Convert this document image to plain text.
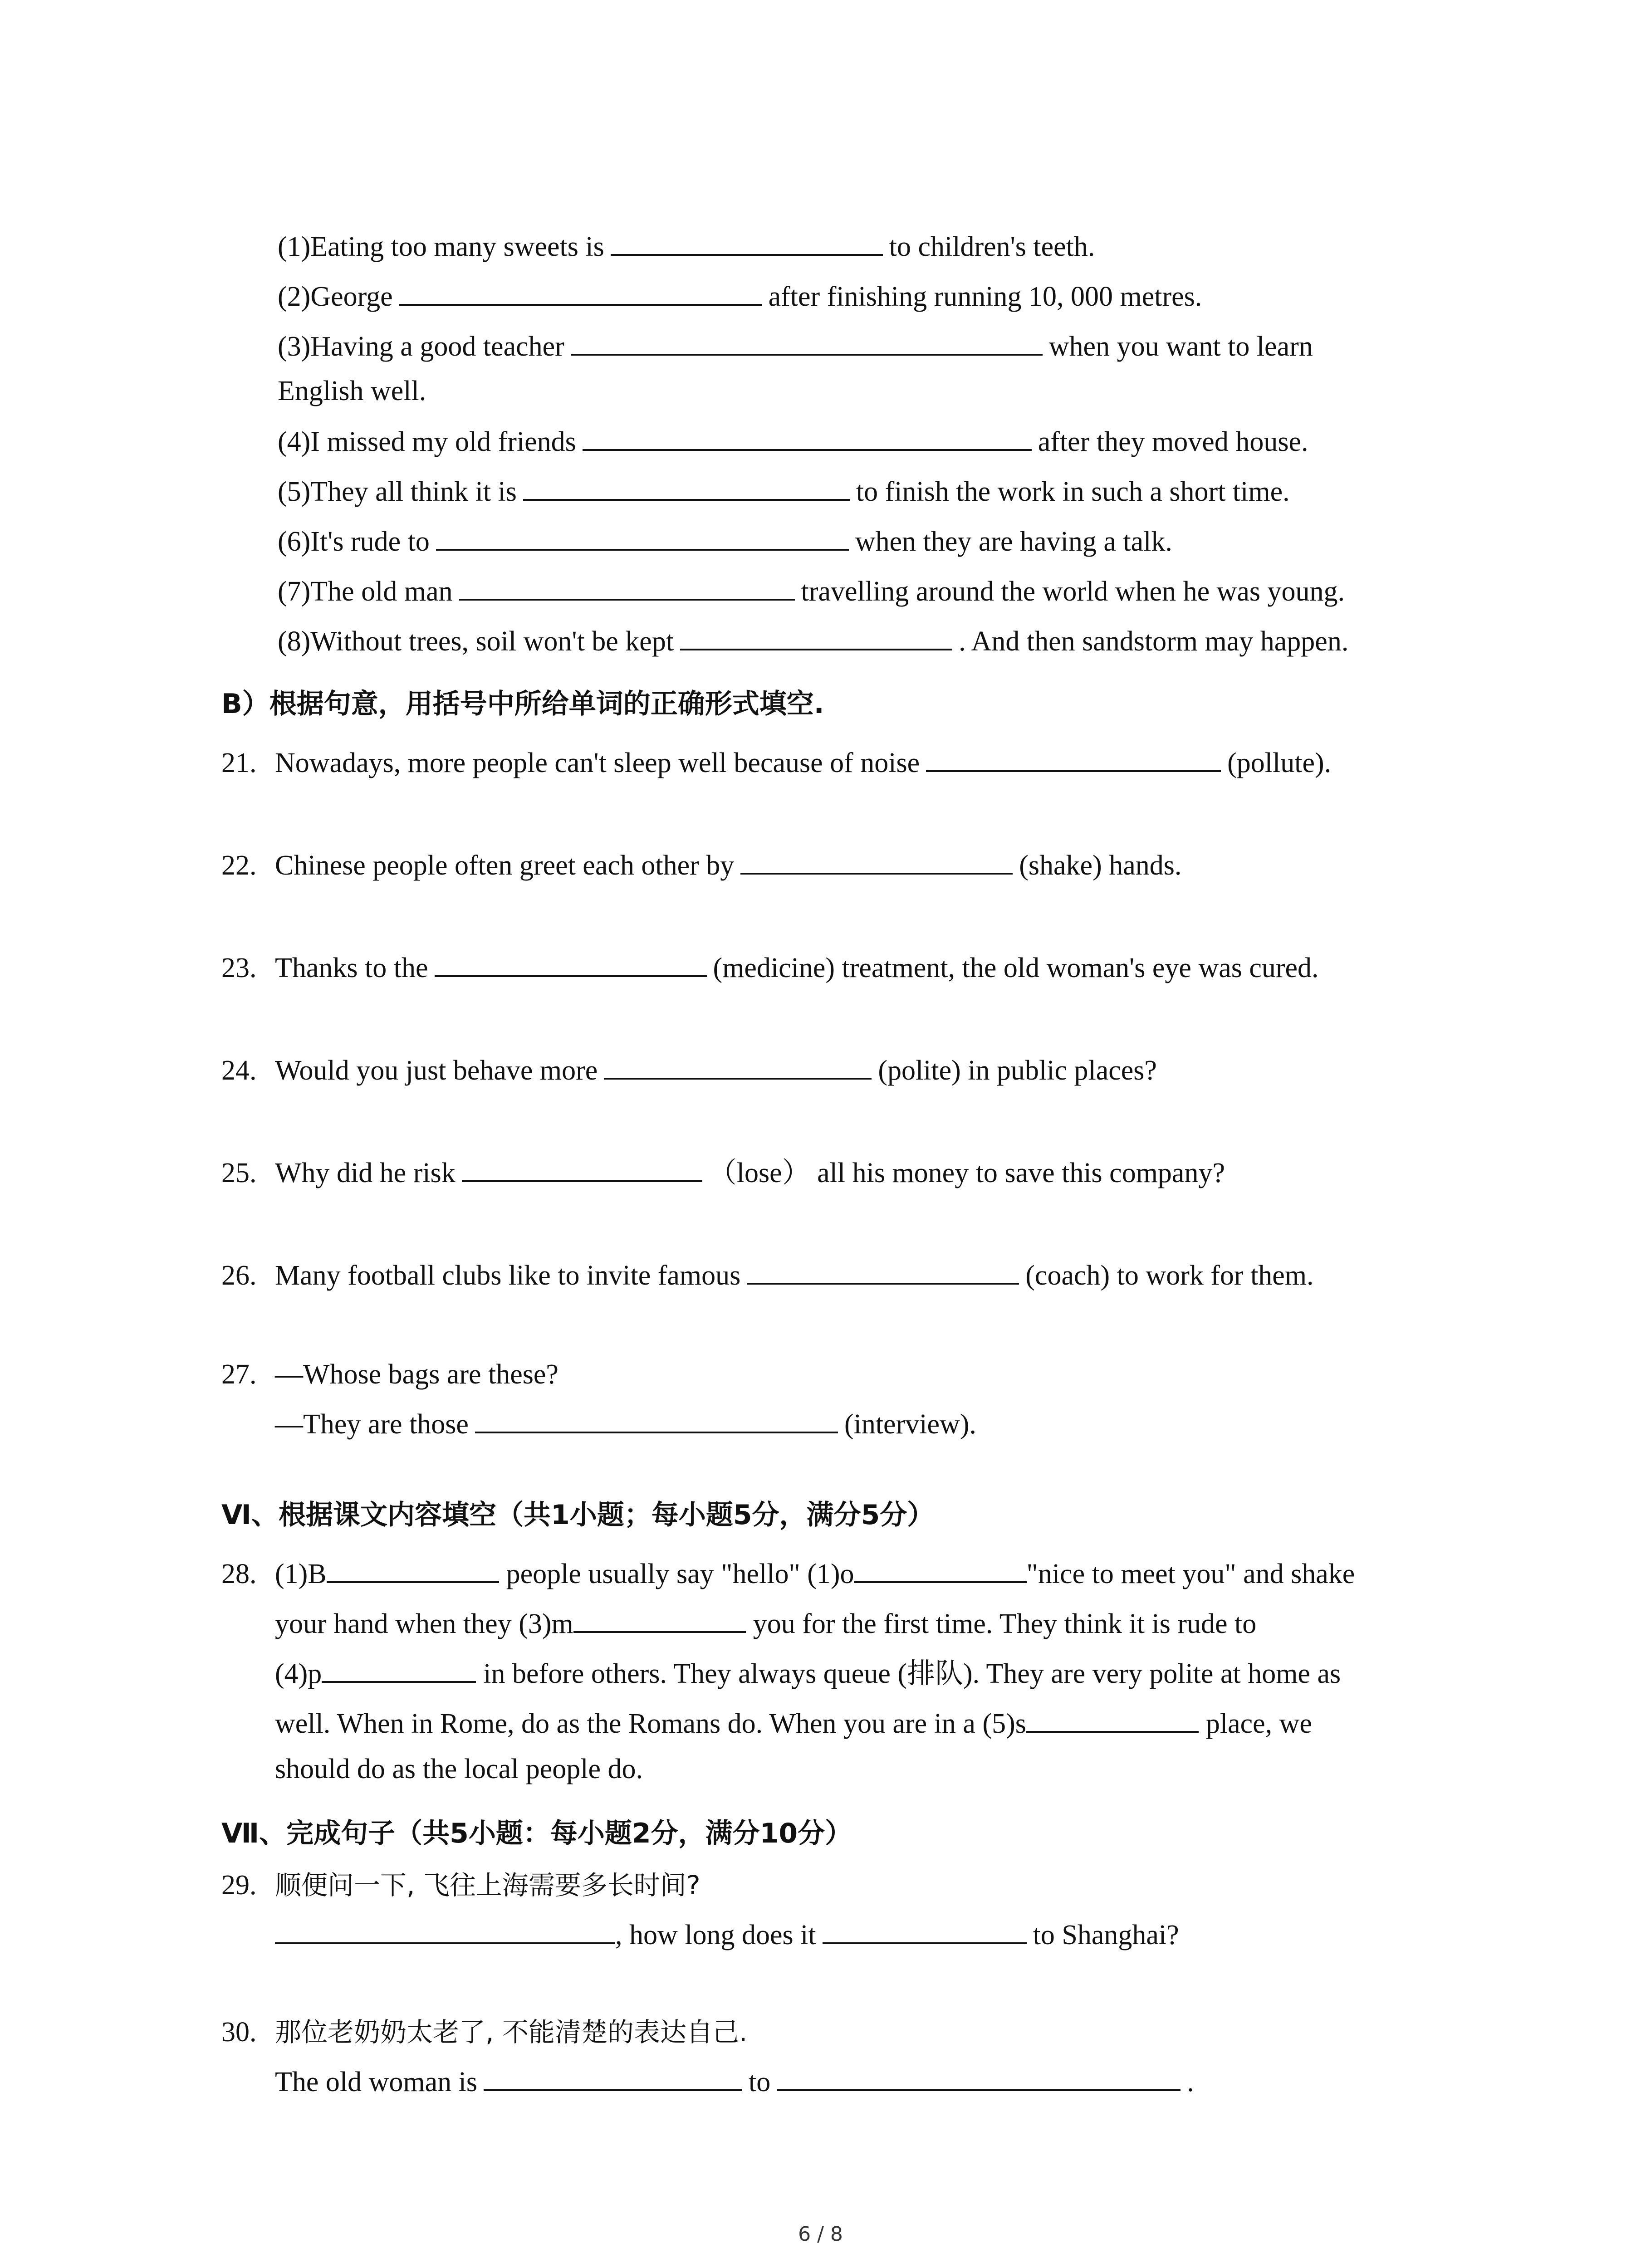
(1)Eating too many sweets is	to children's teeth.
(2)George	after finishing running 10, 000 metres.
(3)Having a good teacher	when you want to learn
English well.
(4)I missed my old friends	after they moved house.
(5)They all think it is	to finish the work in such a short time.
(6)It's rude to	when they are having a talk.
(7)The old man	travelling around the world when he was young.
(8)Without trees, soil won't be kept	. And then sandstorm may happen.
B）根据句意，用括号中所给单词的正确形式填空.
21. Nowadays, more people can't sleep well because of noise	(pollute).
22. Chinese people often greet each other by	(shake) hands.
23. Thanks to the	(medicine) treatment, the old woman's eye was cured.
24. Would you just behave more	(polite) in public places?
25. Why did he risk	（lose） all his money to save this company?
26. Many football clubs like to invite famous	(coach) to work for them.
27. —Whose bags are these?
—They are those	(interview).
Ⅵ、根据课文内容填空（共1小题；每小题5分，满分5分）
28. (1)B	people usually say "hello" (1)o	"nice to meet you" and shake
your hand when they (3)m	you for the first time. They think it is rude to
(4)p	in before others. They always queue (排队). They are very polite at home as
well. When in Rome, do as the Romans do. When you are in a (5)s	place, we
should do as the local people do.
Ⅶ、完成句子（共5小题：每小题2分，满分10分）
29. 顺便问一下, 飞往上海需要多长时间?
, how long does it	to Shanghai?
30. 那位老奶奶太老了, 不能清楚的表达自己.
The old woman is	to	.
6 / 8
